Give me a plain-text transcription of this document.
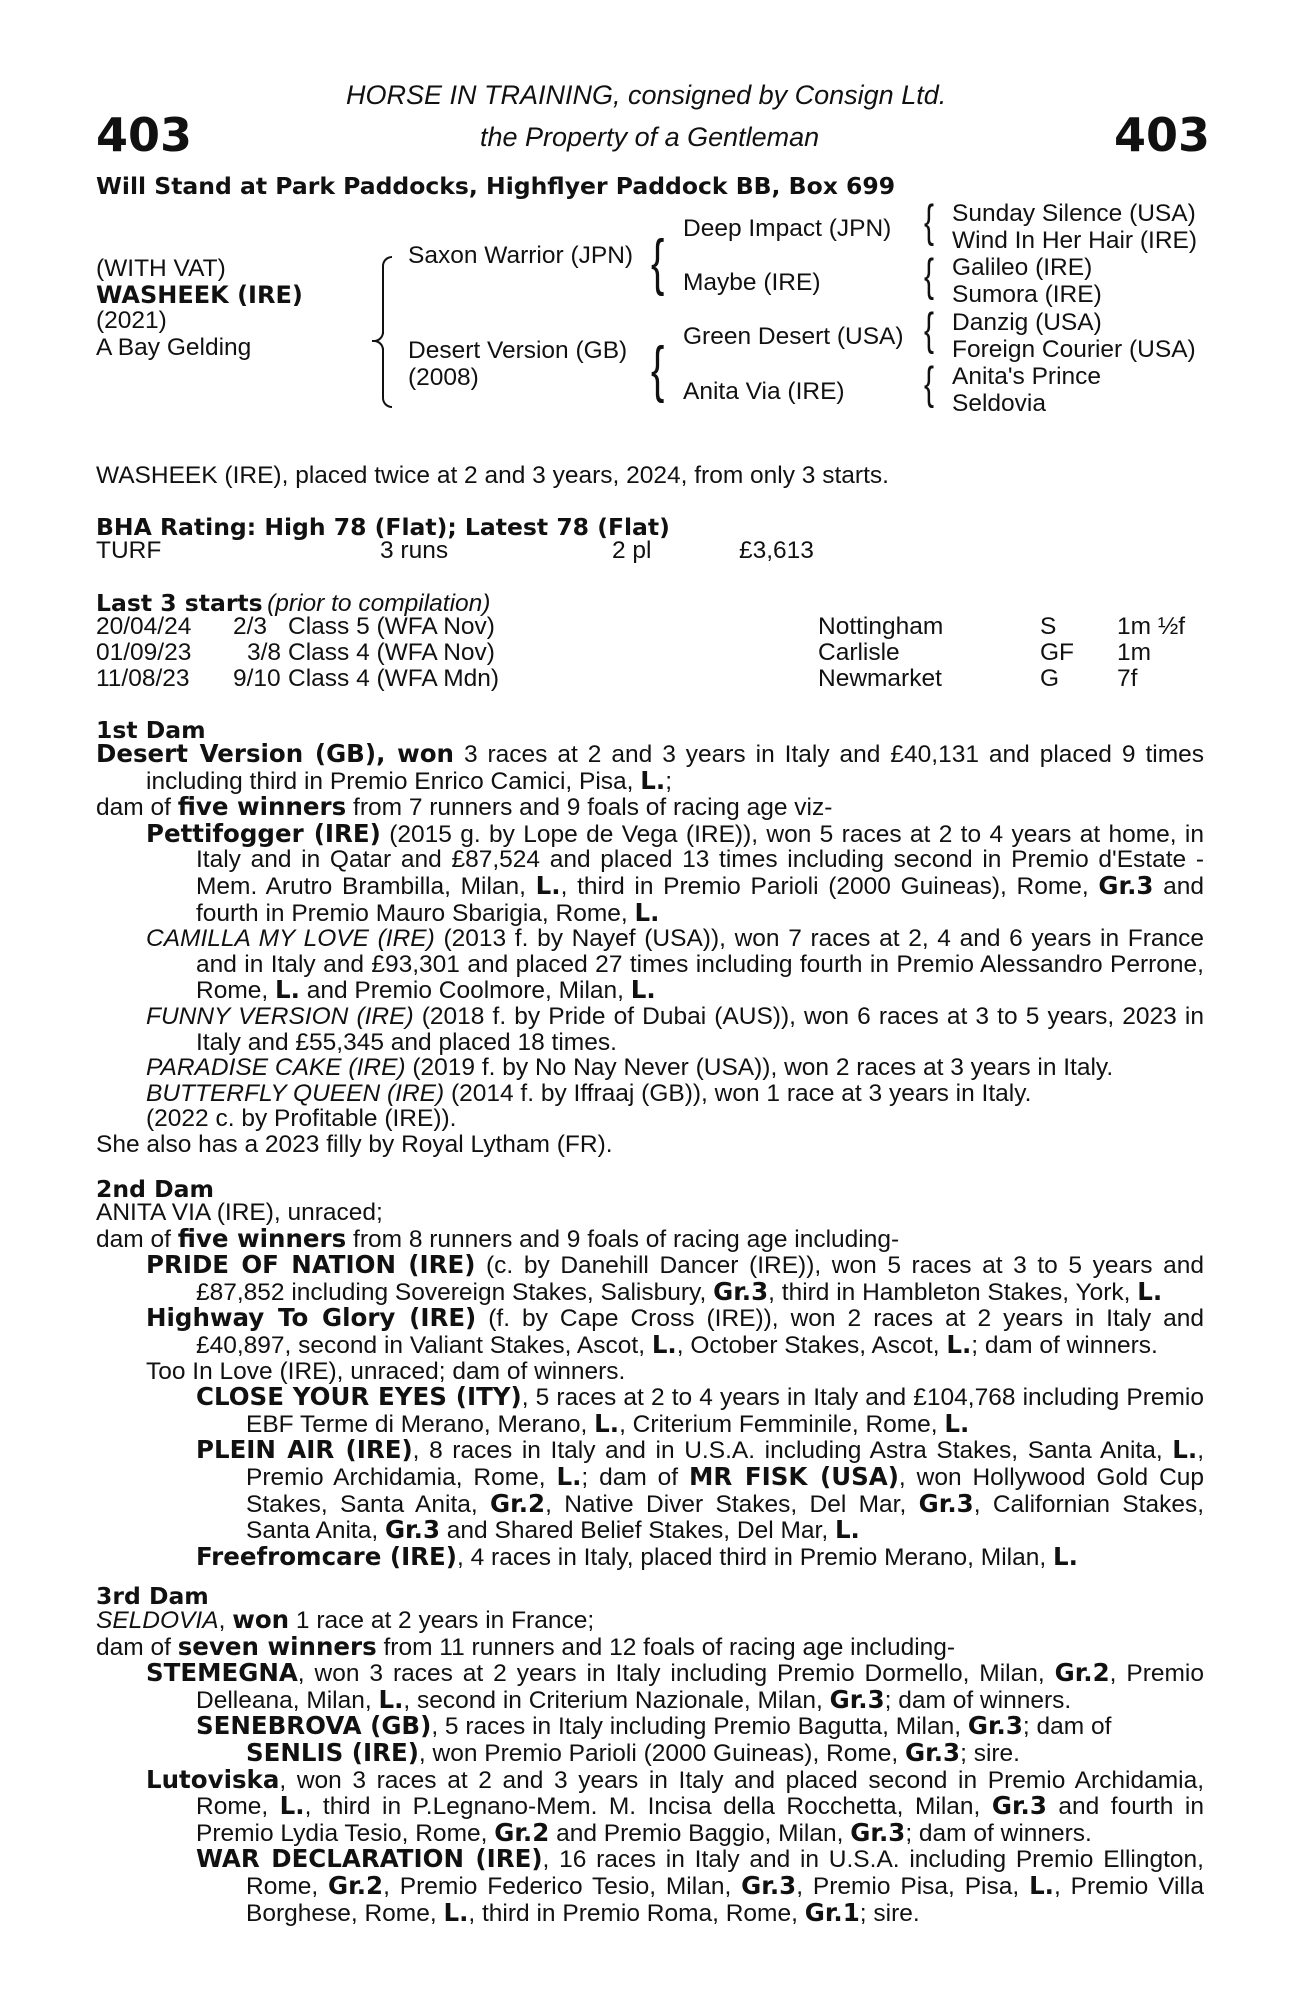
403	403
HORSE IN TRAINING, consigned by Consign Ltd.
the Property of a Gentleman
Will Stand at Park Paddocks, Highflyer Paddock BB, Box 699
(WITH VAT)
WASHEEK (IRE)
(2021)
A Bay Gelding
Saxon Warrior (JPN)
Desert Version (GB)
(2008)
{
{
Deep Impact (JPN)
Maybe (IRE)
Green Desert (USA)
Anita Via (IRE)
{
{
{
{
Sunday Silence (USA)
Wind In Her Hair (IRE)
Galileo (IRE)
Sumora (IRE)
Danzig (USA)
Foreign Courier (USA)
Anita's Prince
Seldovia
WASHEEK (IRE), placed twice at 2 and 3 years, 2024, from only 3 starts.
BHA Rating: High 78 (Flat); Latest 78 (Flat)
TURF	3 runs	2 pl	£3,613
Last 3 starts (prior to compilation)
20/04/24 2/3 Class 5 (WFA Nov)	Nottingham	S 1m ½f
01/09/23 3/8 Class 4 (WFA Nov)	Carlisle	GF 1m
11/08/23 9/10 Class 4 (WFA Mdn)	Newmarket	G 7f
1st Dam

Desert Version (GB), won 3 races at 2 and 3 years in Italy and £40,131 and placed 9 times including third in Premio Enrico Camici, Pisa, L.;

dam of five winners from 7 runners and 9 foals of racing age viz-

Pettifogger (IRE) (2015 g. by Lope de Vega (IRE)), won 5 races at 2 to 4 years at home, in Italy and in Qatar and £87,524 and placed 13 times including second in Premio d'Estate -Mem. Arutro Brambilla, Milan, L., third in Premio Parioli (2000 Guineas), Rome, Gr.3 and fourth in Premio Mauro Sbarigia, Rome, L.

CAMILLA MY LOVE (IRE) (2013 f. by Nayef (USA)), won 7 races at 2, 4 and 6 years in France and in Italy and £93,301 and placed 27 times including fourth in Premio Alessandro Perrone, Rome, L. and Premio Coolmore, Milan, L.

FUNNY VERSION (IRE) (2018 f. by Pride of Dubai (AUS)), won 6 races at 3 to 5 years, 2023 in Italy and £55,345 and placed 18 times.

PARADISE CAKE (IRE) (2019 f. by No Nay Never (USA)), won 2 races at 3 years in Italy.

BUTTERFLY QUEEN (IRE) (2014 f. by Iffraaj (GB)), won 1 race at 3 years in Italy.

(2022 c. by Profitable (IRE)).

She also has a 2023 filly by Royal Lytham (FR).

2nd Dam

ANITA VIA (IRE), unraced;

dam of five winners from 8 runners and 9 foals of racing age including-

PRIDE OF NATION (IRE) (c. by Danehill Dancer (IRE)), won 5 races at 3 to 5 years and £87,852 including Sovereign Stakes, Salisbury, Gr.3, third in Hambleton Stakes, York, L.

Highway To Glory (IRE) (f. by Cape Cross (IRE)), won 2 races at 2 years in Italy and £40,897, second in Valiant Stakes, Ascot, L., October Stakes, Ascot, L.; dam of winners.

Too In Love (IRE), unraced; dam of winners.

CLOSE YOUR EYES (ITY), 5 races at 2 to 4 years in Italy and £104,768 including Premio EBF Terme di Merano, Merano, L., Criterium Femminile, Rome, L.

PLEIN AIR (IRE), 8 races in Italy and in U.S.A. including Astra Stakes, Santa Anita, L., Premio Archidamia, Rome, L.; dam of MR FISK (USA), won Hollywood Gold Cup Stakes, Santa Anita, Gr.2, Native Diver Stakes, Del Mar, Gr.3, Californian Stakes, Santa Anita, Gr.3 and Shared Belief Stakes, Del Mar, L.

Freefromcare (IRE), 4 races in Italy, placed third in Premio Merano, Milan, L.

3rd Dam

SELDOVIA, won 1 race at 2 years in France;

dam of seven winners from 11 runners and 12 foals of racing age including-

STEMEGNA, won 3 races at 2 years in Italy including Premio Dormello, Milan, Gr.2, Premio Delleana, Milan, L., second in Criterium Nazionale, Milan, Gr.3; dam of winners.

SENEBROVA (GB), 5 races in Italy including Premio Bagutta, Milan, Gr.3; dam of

SENLIS (IRE), won Premio Parioli (2000 Guineas), Rome, Gr.3; sire.

Lutoviska, won 3 races at 2 and 3 years in Italy and placed second in Premio Archidamia, Rome, L., third in P.Legnano-Mem. M. Incisa della Rocchetta, Milan, Gr.3 and fourth in Premio Lydia Tesio, Rome, Gr.2 and Premio Baggio, Milan, Gr.3; dam of winners.

WAR DECLARATION (IRE), 16 races in Italy and in U.S.A. including Premio Ellington, Rome, Gr.2, Premio Federico Tesio, Milan, Gr.3, Premio Pisa, Pisa, L., Premio Villa Borghese, Rome, L., third in Premio Roma, Rome, Gr.1; sire.
